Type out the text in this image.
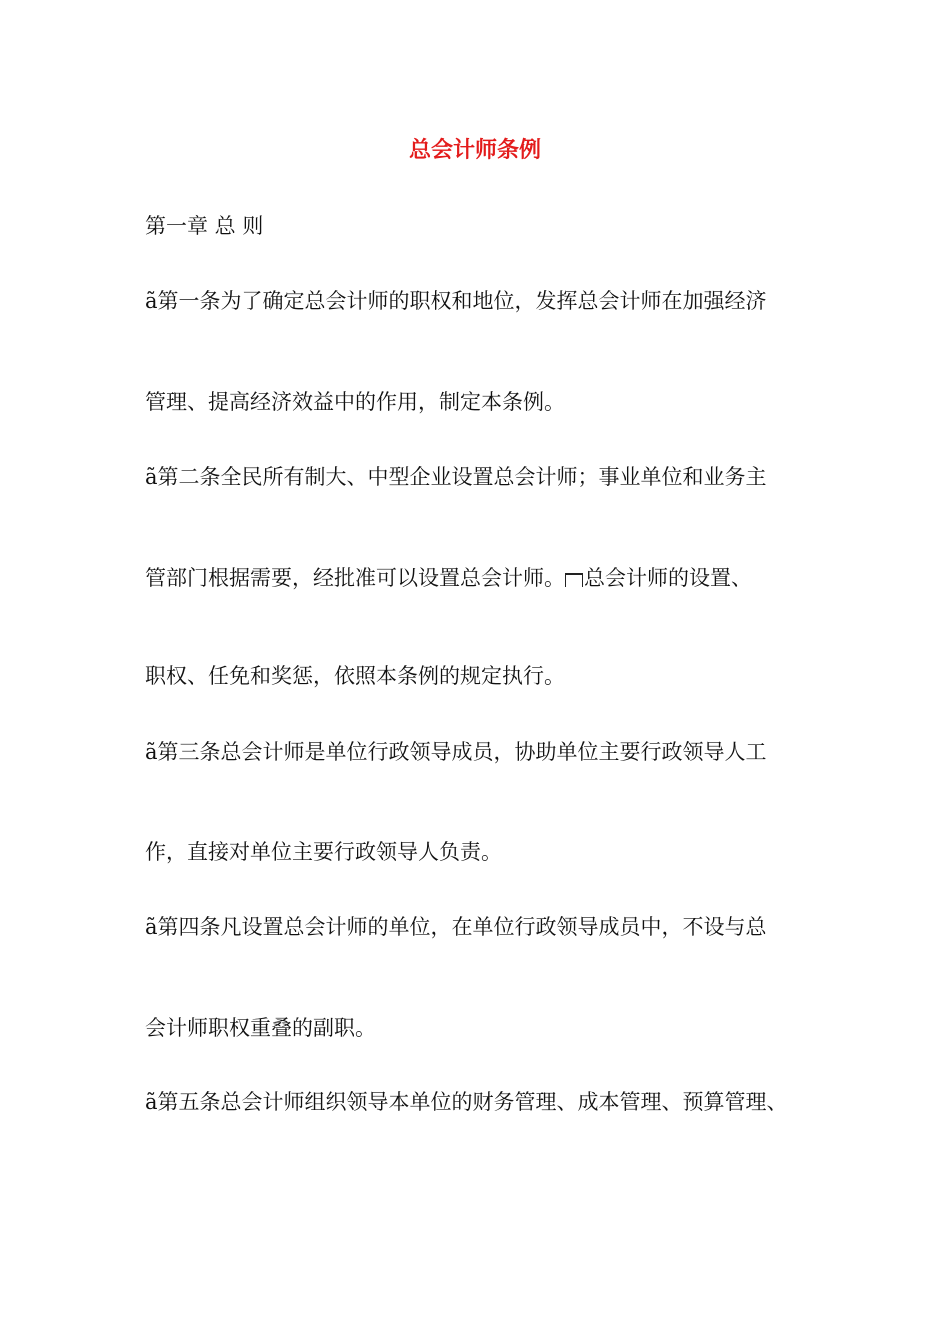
总会计师条例
第一章 总 则
ã第一条为了确定总会计师的职权和地位，发挥总会计师在加强经济
管理、提高经济效益中的作用，制定本条例。
ã第二条全民所有制大、中型企业设置总会计师；事业单位和业务主
管部门根据需要，经批准可以设置总会计师。 总会计师的设置、
职权、任免和奖惩，依照本条例的规定执行。
ã第三条总会计师是单位行政领导成员，协助单位主要行政领导人工
作，直接对单位主要行政领导人负责。
ã第四条凡设置总会计师的单位，在单位行政领导成员中，不设与总
会计师职权重叠的副职。
ã第五条总会计师组织领导本单位的财务管理、成本管理、预算管理、
